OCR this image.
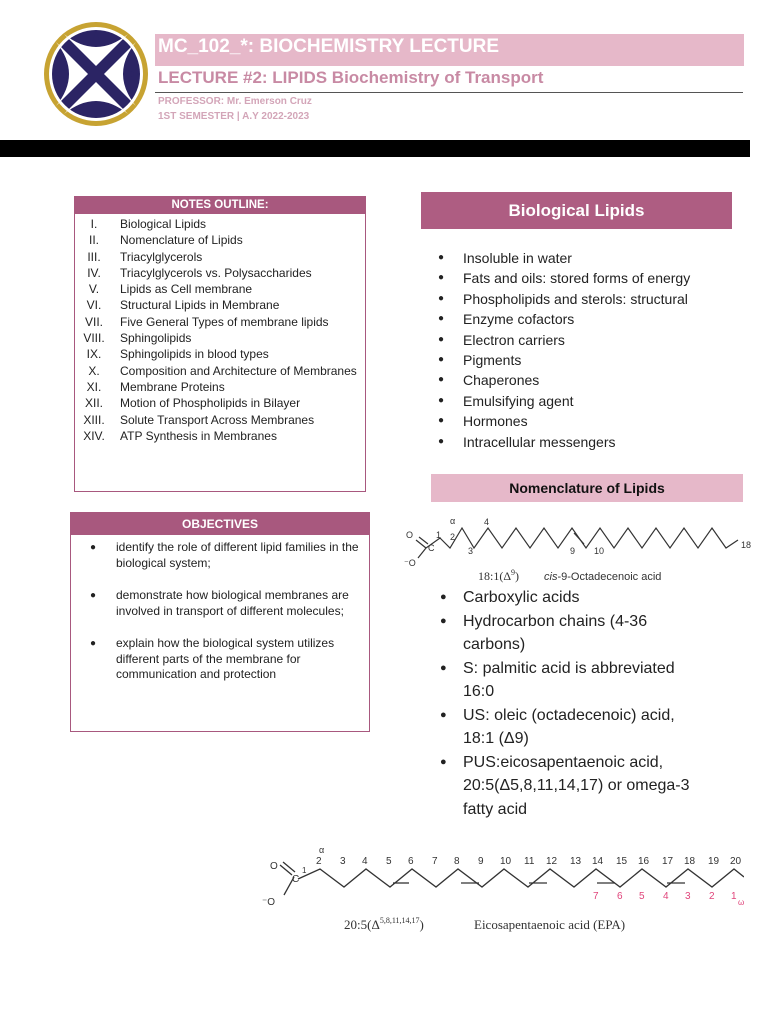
MC_102_*: BIOCHEMISTRY LECTURE
LECTURE #2: LIPIDS Biochemistry of Transport
PROFESSOR: Mr. Emerson Cruz
1ST SEMESTER | A.Y 2022-2023
NOTES OUTLINE:
I.	Biological Lipids
II.	Nomenclature of Lipids
III.	Triacylglycerols
IV.	Triacylglycerols vs. Polysaccharides
V.	Lipids as Cell membrane
VI.	Structural Lipids in Membrane
VII.	Five General Types of membrane lipids
VIII.	Sphingolipids
IX.	Sphingolipids in blood types
X.	Composition and Architecture of Membranes
XI.	Membrane Proteins
XII.	Motion of Phospholipids in Bilayer
XIII.	Solute Transport Across Membranes
XIV.	ATP Synthesis in Membranes
OBJECTIVES
●	identify the role of different lipid families in the biological system;
●	demonstrate how biological membranes are involved in transport of different molecules;
●	explain how the biological system utilizes different parts of the membrane for communication and protection
Biological Lipids
●	Insoluble in water
●	Fats and oils: stored forms of energy
●	Phospholipids and sterols: structural
●	Enzyme cofactors
●	Electron carriers
●	Pigments
●	Chaperones
●	Emulsifying agent
●	Hormones
●	Intracellular messengers
Nomenclature of Lipids
O
⁻O
C
1
α
2
3
4
9 10
18
$18:1(\Delta^9)$ cis-9-Octadecenoic acid
●	Carboxylic acids
●	Hydrocarbon chains (4-36 carbons)
●	S: palmitic acid is abbreviated 16:0
●	US: oleic (octadecenoic) acid, 18:1 (Δ9)
●	PUS:eicosapentaenoic acid, 20:5(Δ5,8,11,14,17) or omega-3 fatty acid
O
⁻O
C
1
α
2 3 4 5 6 7 8 9 10 11 12 13 14 15 16 17 18 19 20
7 6 5 4 3 2 1
ω
$20:5(\Delta^{5,8,11,14,17})$	Eicosapentaenoic acid (EPA)
